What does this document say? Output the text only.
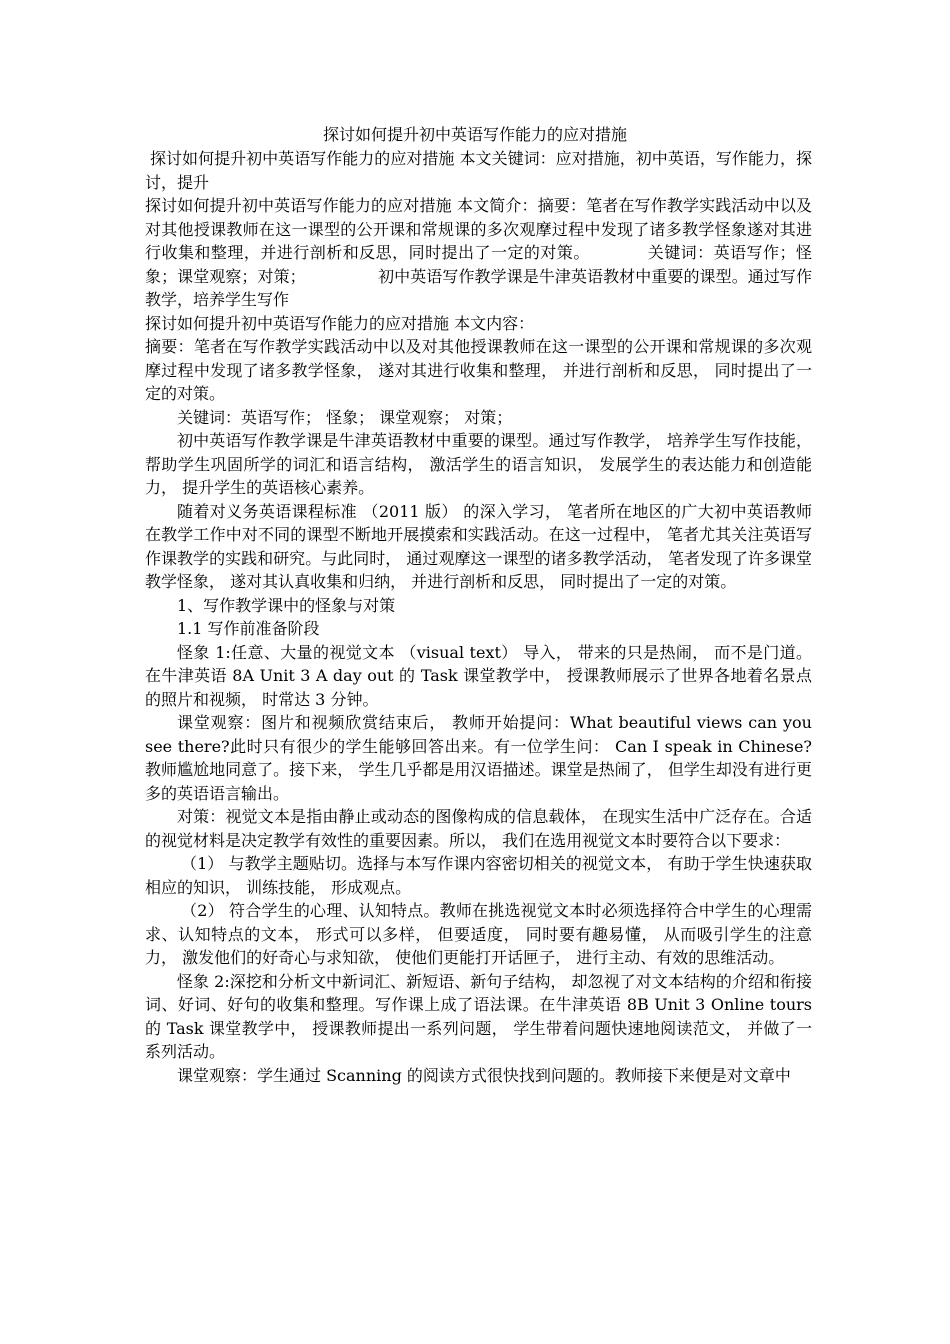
探讨如何提升初中英语写作能力的应对措施

探讨如何提升初中英语写作能力的应对措施 本文关键词：应对措施，初中英语，写作能力，探讨，提升

探讨如何提升初中英语写作能力的应对措施 本文简介：摘要：笔者在写作教学实践活动中以及对其他授课教师在这一课型的公开课和常规课的多次观摩过程中发现了诸多教学怪象遂对其进行收集和整理，并进行剖析和反思，同时提出了一定的对策。　　　　关键词：英语写作；怪象；课堂观察；对策；　　　　　初中英语写作教学课是牛津英语教材中重要的课型。通过写作教学，培养学生写作

探讨如何提升初中英语写作能力的应对措施 本文内容：

摘要：笔者在写作教学实践活动中以及对其他授课教师在这一课型的公开课和常规课的多次观摩过程中发现了诸多教学怪象， 遂对其进行收集和整理， 并进行剖析和反思， 同时提出了一定的对策。

关键词：英语写作； 怪象； 课堂观察； 对策；

初中英语写作教学课是牛津英语教材中重要的课型。通过写作教学， 培养学生写作技能， 帮助学生巩固所学的词汇和语言结构， 激活学生的语言知识， 发展学生的表达能力和创造能力， 提升学生的英语核心素养。

随着对义务英语课程标准 （2011 版） 的深入学习， 笔者所在地区的广大初中英语教师在教学工作中对不同的课型不断地开展摸索和实践活动。在这一过程中， 笔者尤其关注英语写作课教学的实践和研究。与此同时， 通过观摩这一课型的诸多教学活动， 笔者发现了许多课堂教学怪象， 遂对其认真收集和归纳， 并进行剖析和反思， 同时提出了一定的对策。

1、写作教学课中的怪象与对策

1.1 写作前准备阶段

怪象 1:任意、大量的视觉文本 （visual text） 导入， 带来的只是热闹， 而不是门道。在牛津英语 8A Unit 3 A day out 的 Task 课堂教学中， 授课教师展示了世界各地着名景点的照片和视频， 时常达 3 分钟。

课堂观察：图片和视频欣赏结束后， 教师开始提问：What beautiful views can you see there?此时只有很少的学生能够回答出来。有一位学生问： Can I speak in Chinese?教师尴尬地同意了。接下来， 学生几乎都是用汉语描述。课堂是热闹了， 但学生却没有进行更多的英语语言输出。

对策：视觉文本是指由静止或动态的图像构成的信息载体， 在现实生活中广泛存在。合适的视觉材料是决定教学有效性的重要因素。所以， 我们在选用视觉文本时要符合以下要求：

（1） 与教学主题贴切。选择与本写作课内容密切相关的视觉文本， 有助于学生快速获取相应的知识， 训练技能， 形成观点。

（2） 符合学生的心理、认知特点。教师在挑选视觉文本时必须选择符合中学生的心理需求、认知特点的文本， 形式可以多样， 但要适度， 同时要有趣易懂， 从而吸引学生的注意力， 激发他们的好奇心与求知欲， 使他们更能打开话匣子， 进行主动、有效的思维活动。

怪象 2:深挖和分析文中新词汇、新短语、新句子结构， 却忽视了对文本结构的介绍和衔接词、好词、好句的收集和整理。写作课上成了语法课。在牛津英语 8B Unit 3 Online tours 的 Task 课堂教学中， 授课教师提出一系列问题， 学生带着问题快速地阅读范文， 并做了一系列活动。

课堂观察：学生通过 Scanning 的阅读方式很快找到问题的。教师接下来便是对文章中
